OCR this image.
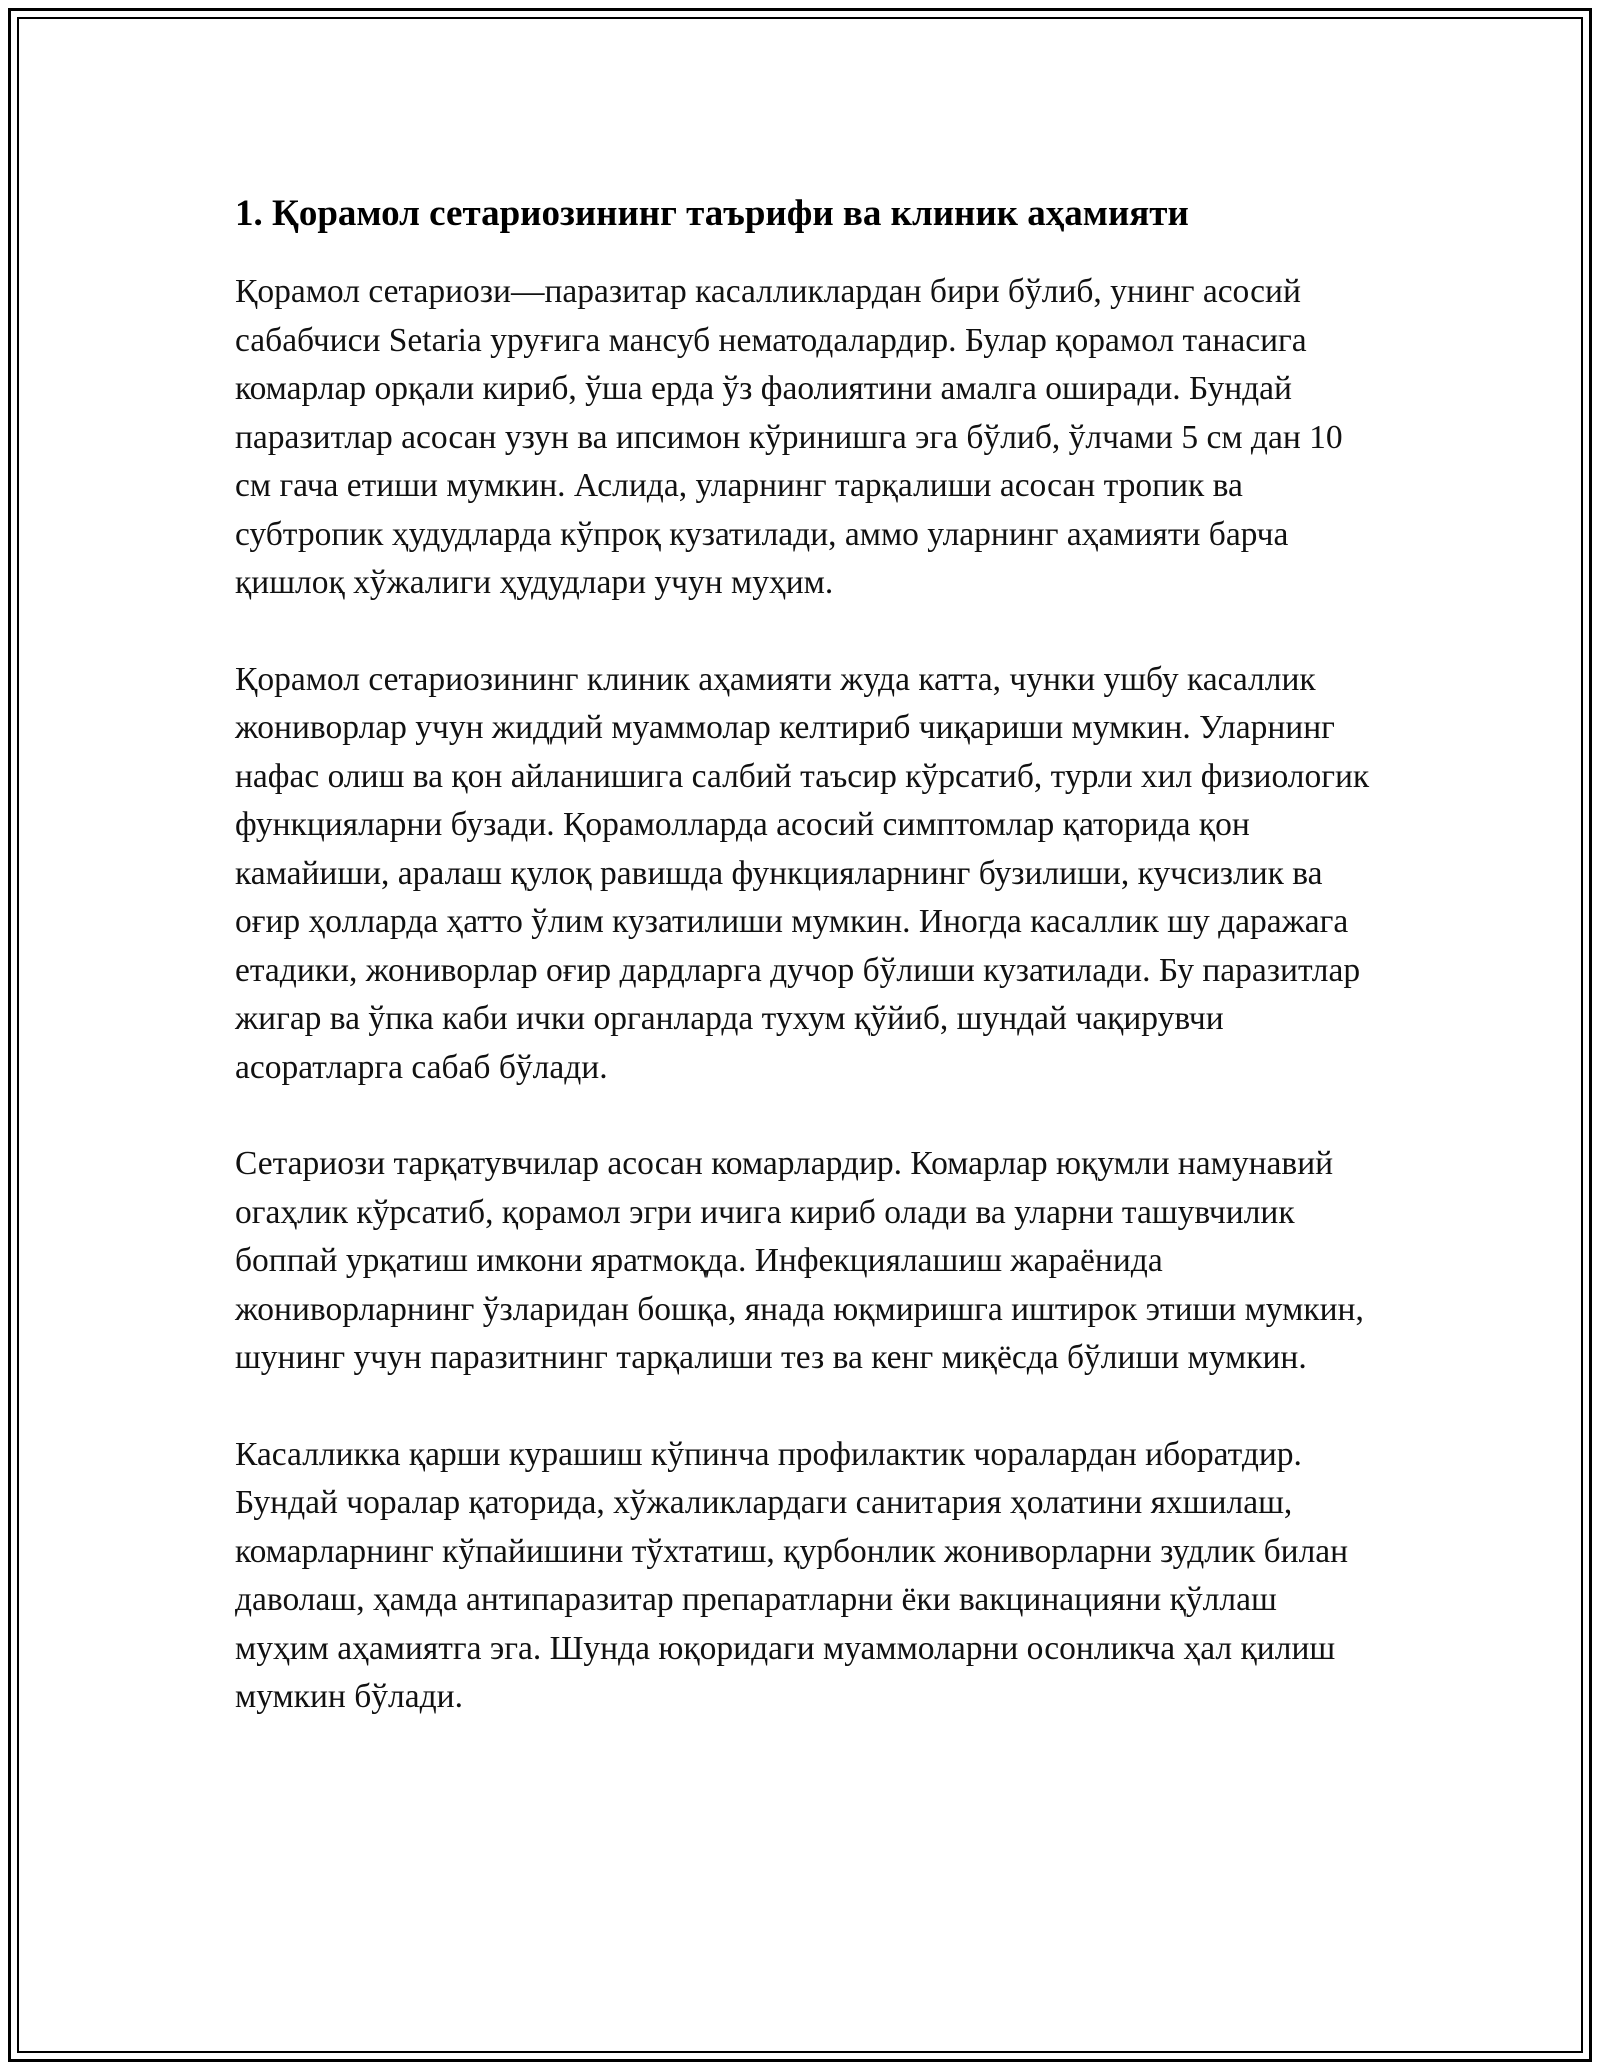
1. Қорамол сетариозининг таърифи ва клиник аҳамияти

Қорамол сетариози—паразитар касалликлардан бири бўлиб, унинг асосий сабабчиси Setaria уруғига мансуб нематодалардир. Булар қорамол танасига комарлар орқали кириб, ўша ерда ўз фаолиятини амалга оширади. Бундай паразитлар асосан узун ва ипсимон кўринишга эга бўлиб, ўлчами 5 см дан 10 см гача етиши мумкин. Аслида, уларнинг тарқалиши асосан тропик ва субтропик ҳудудларда кўпроқ кузатилади, аммо уларнинг аҳамияти барча қишлоқ хўжалиги ҳудудлари учун муҳим.

Қорамол сетариозининг клиник аҳамияти жуда катта, чунки ушбу касаллик жониворлар учун жиддий муаммолар келтириб чиқариши мумкин. Уларнинг нафас олиш ва қон айланишига салбий таъсир кўрсатиб, турли хил физиологик функцияларни бузади. Қорамолларда асосий симптомлар қаторида қон камайиши, аралаш қулоқ равишда функцияларнинг бузилиши, кучсизлик ва оғир ҳолларда ҳатто ўлим кузатилиши мумкин. Иногда касаллик шу даражага етадики, жониворлар оғир дардларга дучор бўлиши кузатилади. Бу паразитлар жигар ва ўпка каби ички органларда тухум қўйиб, шундай чақирувчи асоратларга сабаб бўлади.

Сетариози тарқатувчилар асосан комарлардир. Комарлар юқумли намунавий огаҳлик кўрсатиб, қорамол эгри ичига кириб олади ва уларни ташувчилик боппай урқатиш имкони яратмоқда. Инфекциялашиш жараёнида жониворларнинг ўзларидан бошқа, янада юқмиришга иштирок этиши мумкин, шунинг учун паразитнинг тарқалиши тез ва кенг миқёсда бўлиши мумкин.

Касалликка қарши курашиш кўпинча профилактик чоралардан иборатдир. Бундай чоралар қаторида, хўжаликлардаги санитария ҳолатини яхшилаш, комарларнинг кўпайишини тўхтатиш, қурбонлик жониворларни зудлик билан даволаш, ҳамда антипаразитар препаратларни ёки вакцинацияни қўллаш муҳим аҳамиятга эга. Шунда юқоридаги муаммоларни осонликча ҳал қилиш мумкин бўлади.
